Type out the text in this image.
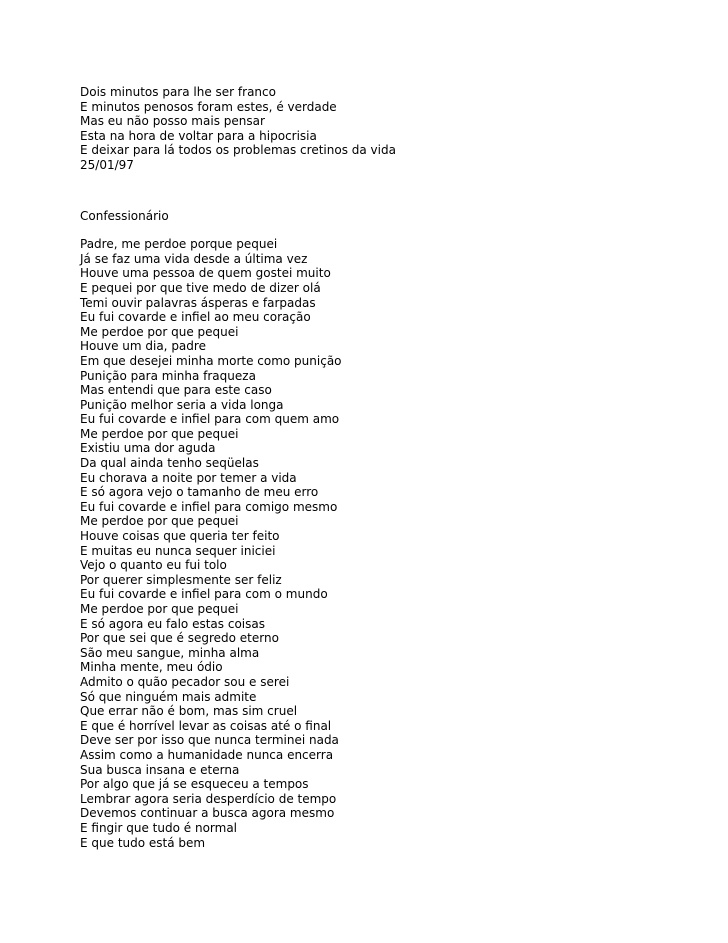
Dois minutos para lhe ser franco
E minutos penosos foram estes, é verdade
Mas eu não posso mais pensar
Esta na hora de voltar para a hipocrisia
E deixar para lá todos os problemas cretinos da vida
25/01/97
Confessionário
Padre, me perdoe porque pequei
Já se faz uma vida desde a última vez
Houve uma pessoa de quem gostei muito
E pequei por que tive medo de dizer olá
Temi ouvir palavras ásperas e farpadas
Eu fui covarde e infiel ao meu coração
Me perdoe por que pequei
Houve um dia, padre
Em que desejei minha morte como punição
Punição para minha fraqueza
Mas entendi que para este caso
Punição melhor seria a vida longa
Eu fui covarde e infiel para com quem amo
Me perdoe por que pequei
Existiu uma dor aguda
Da qual ainda tenho seqüelas
Eu chorava a noite por temer a vida
E só agora vejo o tamanho de meu erro
Eu fui covarde e infiel para comigo mesmo
Me perdoe por que pequei
Houve coisas que queria ter feito
E muitas eu nunca sequer iniciei
Vejo o quanto eu fui tolo
Por querer simplesmente ser feliz
Eu fui covarde e infiel para com o mundo
Me perdoe por que pequei
E só agora eu falo estas coisas
Por que sei que é segredo eterno
São meu sangue, minha alma
Minha mente, meu ódio
Admito o quão pecador sou e serei
Só que ninguém mais admite
Que errar não é bom, mas sim cruel
E que é horrível levar as coisas até o final
Deve ser por isso que nunca terminei nada
Assim como a humanidade nunca encerra
Sua busca insana e eterna
Por algo que já se esqueceu a tempos
Lembrar agora seria desperdício de tempo
Devemos continuar a busca agora mesmo
E fingir que tudo é normal
E que tudo está bem
